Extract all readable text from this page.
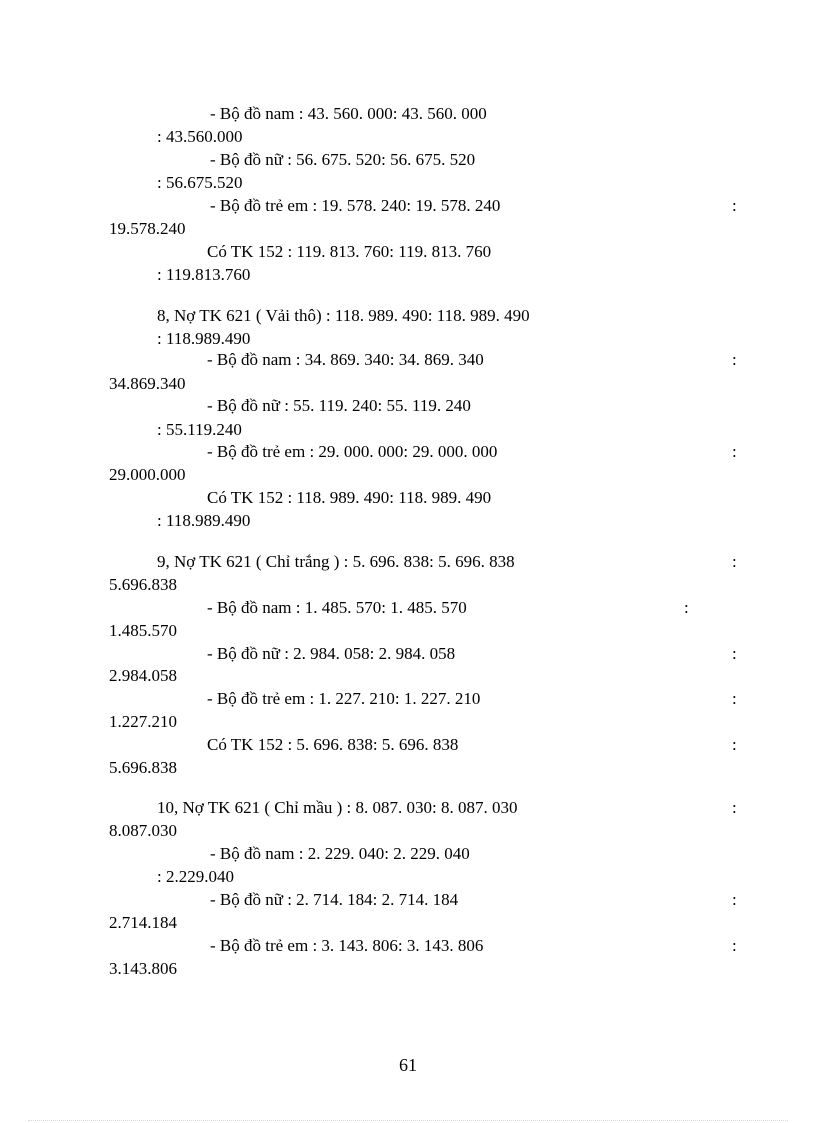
- Bộ đồ nam : 43. 560. 000: 43. 560. 000
: 43.560.000
- Bộ đồ nữ : 56. 675. 520: 56. 675. 520
: 56.675.520
- Bộ đồ trẻ em : 19. 578. 240: 19. 578. 240	:
19.578.240
Có TK 152 : 119. 813. 760: 119. 813. 760
: 119.813.760
8, Nợ TK 621 ( Vải thô) : 118. 989. 490: 118. 989. 490
: 118.989.490
- Bộ đồ nam : 34. 869. 340: 34. 869. 340	:
34.869.340
- Bộ đồ nữ : 55. 119. 240: 55. 119. 240
: 55.119.240
- Bộ đồ trẻ em : 29. 000. 000: 29. 000. 000	:
29.000.000
Có TK 152 : 118. 989. 490: 118. 989. 490
: 118.989.490
9, Nợ TK 621 ( Chỉ trắng ) : 5. 696. 838: 5. 696. 838	:
5.696.838
- Bộ đồ nam : 1. 485. 570: 1. 485. 570	:
1.485.570
- Bộ đồ nữ : 2. 984. 058: 2. 984. 058	:
2.984.058
- Bộ đồ trẻ em : 1. 227. 210: 1. 227. 210	:
1.227.210
Có TK 152 : 5. 696. 838: 5. 696. 838	:
5.696.838
10, Nợ TK 621 ( Chỉ mầu ) : 8. 087. 030: 8. 087. 030	:
8.087.030
- Bộ đồ nam : 2. 229. 040: 2. 229. 040
: 2.229.040
- Bộ đồ nữ : 2. 714. 184: 2. 714. 184	:
2.714.184
- Bộ đồ trẻ em : 3. 143. 806: 3. 143. 806	:
3.143.806
61
